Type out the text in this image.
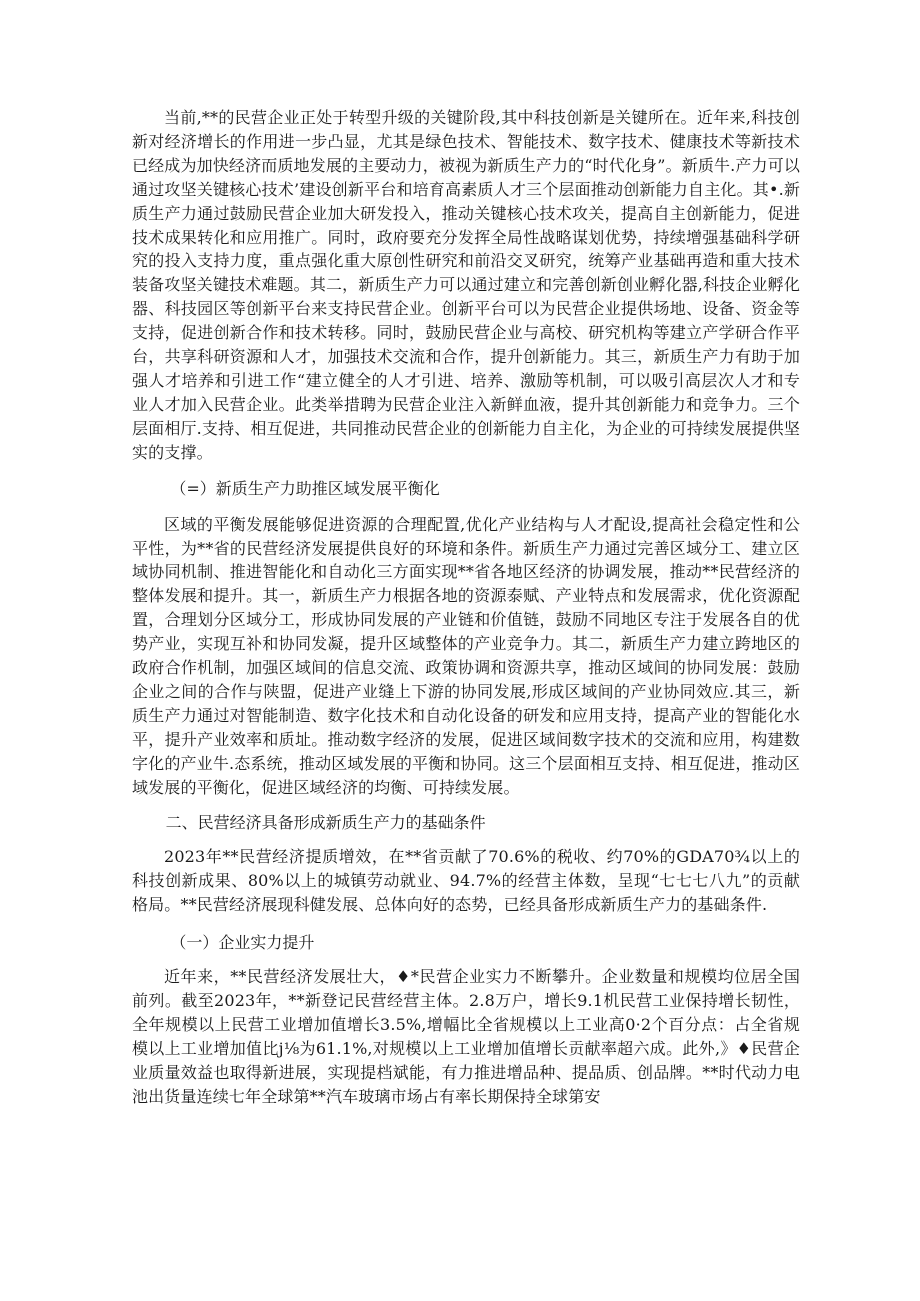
当前,**的民营企业正处于转型升级的关键阶段,其中科技创新是关键所在。近年来,科技创新对经济增长的作用进一步凸显，尤其是绿色技术、智能技术、数字技术、健康技术等新技术已经成为加快经济而质地发展的主要动力，被视为新质生产力的“时代化身”。新质牛.产力可以通过攻坚关键核心技术’建设创新平台和培育高素质人才三个层面推动创新能力自主化。其•.新质生产力通过鼓励民营企业加大研发投入，推动关键核心技术攻关，提高自主创新能力，促进技术成果转化和应用推广。同时，政府要充分发挥全局性战略谋划优势，持续增强基础科学研究的投入支持力度，重点强化重大原创性研究和前沿交叉研究，统筹产业基础再造和重大技术装备攻坚关键技术难题。其二，新质生产力可以通过建立和完善创新创业孵化器,科技企业孵化器、科技园区等创新平台来支持民营企业。创新平台可以为民营企业提供场地、设备、资金等支持，促进创新合作和技术转移。同时，鼓励民营企业与高校、研究机构等建立产学研合作平台，共享科研资源和人才，加强技术交流和合作，提升创新能力。其三，新质生产力有助于加强人才培养和引进工作“建立健全的人才引进、培养、激励等机制，可以吸引高层次人才和专业人才加入民营企业。此类举措聘为民营企业注入新鲜血液，提升其创新能力和竞争力。三个层面相厅.支持、相互促进，共同推动民营企业的创新能力自主化，为企业的可持续发展提供坚实的支撑。

（=）新质生产力助推区域发展平衡化

区域的平衡发展能够促进资源的合理配置,优化产业结构与人才配设,提高社会稳定性和公平性，为**省的民营经济发展提供良好的环境和条件。新质生产力通过完善区域分工、建立区域协同机制、推进智能化和自动化三方面实现**省各地区经济的协调发展，推动**民营经济的整体发展和提升。其一，新质生产力根据各地的资源泰赋、产业特点和发展需求，优化资源配置，合理划分区域分工，形成协同发展的产业链和价值链，鼓励不同地区专注于发展各自的优势产业，实现互补和协同发凝，提升区域整体的产业竞争力。其二，新质生产力建立跨地区的政府合作机制，加强区域间的信息交流、政策协调和资源共享，推动区域间的协同发展：鼓励企业之间的合作与陕盟，促进产业缝上下游的协同发展,形成区域间的产业协同效应.其三，新质生产力通过对智能制造、数字化技术和自动化设备的研发和应用支持，提高产业的智能化水平，提升产业效率和质址。推动数字经济的发展，促进区域间数字技术的交流和应用，构建数字化的产业牛.态系统，推动区域发展的平衡和协同。这三个层面相互支持、相互促进，推动区域发展的平衡化，促进区域经济的均衡、可持续发展。

二、民营经济具备形成新质生产力的基础条件

2023年**民营经济提质增效，在**省贡献了70.6%的税收、约70%的GDA70¾以上的科技创新成果、80%以上的城镇劳动就业、94.7%的经营主体数，呈现“七七七八九”的贡献格局。**民营经济展现科健发展、总体向好的态势，已经具备形成新质生产力的基础条件.

（一）企业实力提升

近年来，**民营经济发展壮大，♦*民营企业实力不断攀升。企业数量和规模均位居全国前列。截至2023年，**新登记民营经营主体。2.8万户，增长9.1机民营工业保持增长韧性，全年规模以上民营工业增加值增长3.5%,增幅比全省规模以上工业高0·2个百分点：占全省规模以上工业增加值比j⅛为61.1%,对规模以上工业增加值增长贡献率超六成。此外,》♦民营企业质量效益也取得新进展，实现提档斌能，有力推进增品种、提品质、创品牌。**时代动力电池出货量连续七年全球第**汽车玻璃市场占有率长期保持全球第安
